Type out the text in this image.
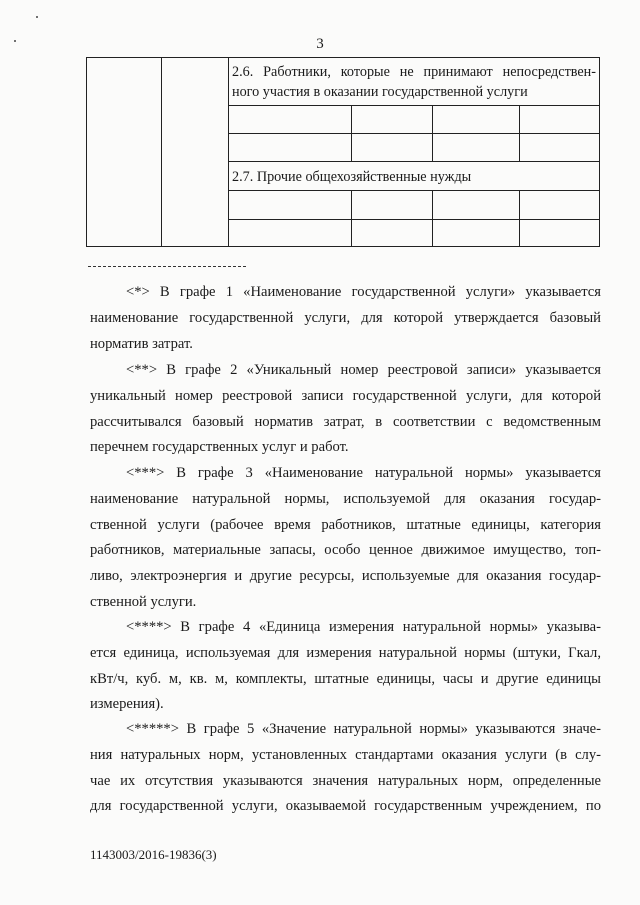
3
2.6. Работники, которые не принимают непосредствен-
ного участия в оказании государственной услуги
2.7. Прочие общехозяйственные нужды
<*> В графе 1 «Наименование государственной услуги» указывается
наименование государственной услуги, для которой утверждается базовый
норматив затрат.
<**> В графе 2 «Уникальный номер реестровой записи» указывается
уникальный номер реестровой записи государственной услуги, для которой
рассчитывался базовый норматив затрат, в соответствии с ведомственным
перечнем государственных услуг и работ.
<***> В графе 3 «Наименование натуральной нормы» указывается
наименование натуральной нормы, используемой для оказания государ-
ственной услуги (рабочее время работников, штатные единицы, категория
работников, материальные запасы, особо ценное движимое имущество, топ-
ливо, электроэнергия и другие ресурсы, используемые для оказания государ-
ственной услуги.
<****> В графе 4 «Единица измерения натуральной нормы» указыва-
ется единица, используемая для измерения натуральной нормы (штуки, Гкал,
кВт/ч, куб. м, кв. м, комплекты, штатные единицы, часы и другие единицы
измерения).
<*****> В графе 5 «Значение натуральной нормы» указываются значе-
ния натуральных норм, установленных стандартами оказания услуги (в слу-
чае их отсутствия указываются значения натуральных норм, определенные
для государственной услуги, оказываемой государственным учреждением, по
1143003/2016-19836(3)
